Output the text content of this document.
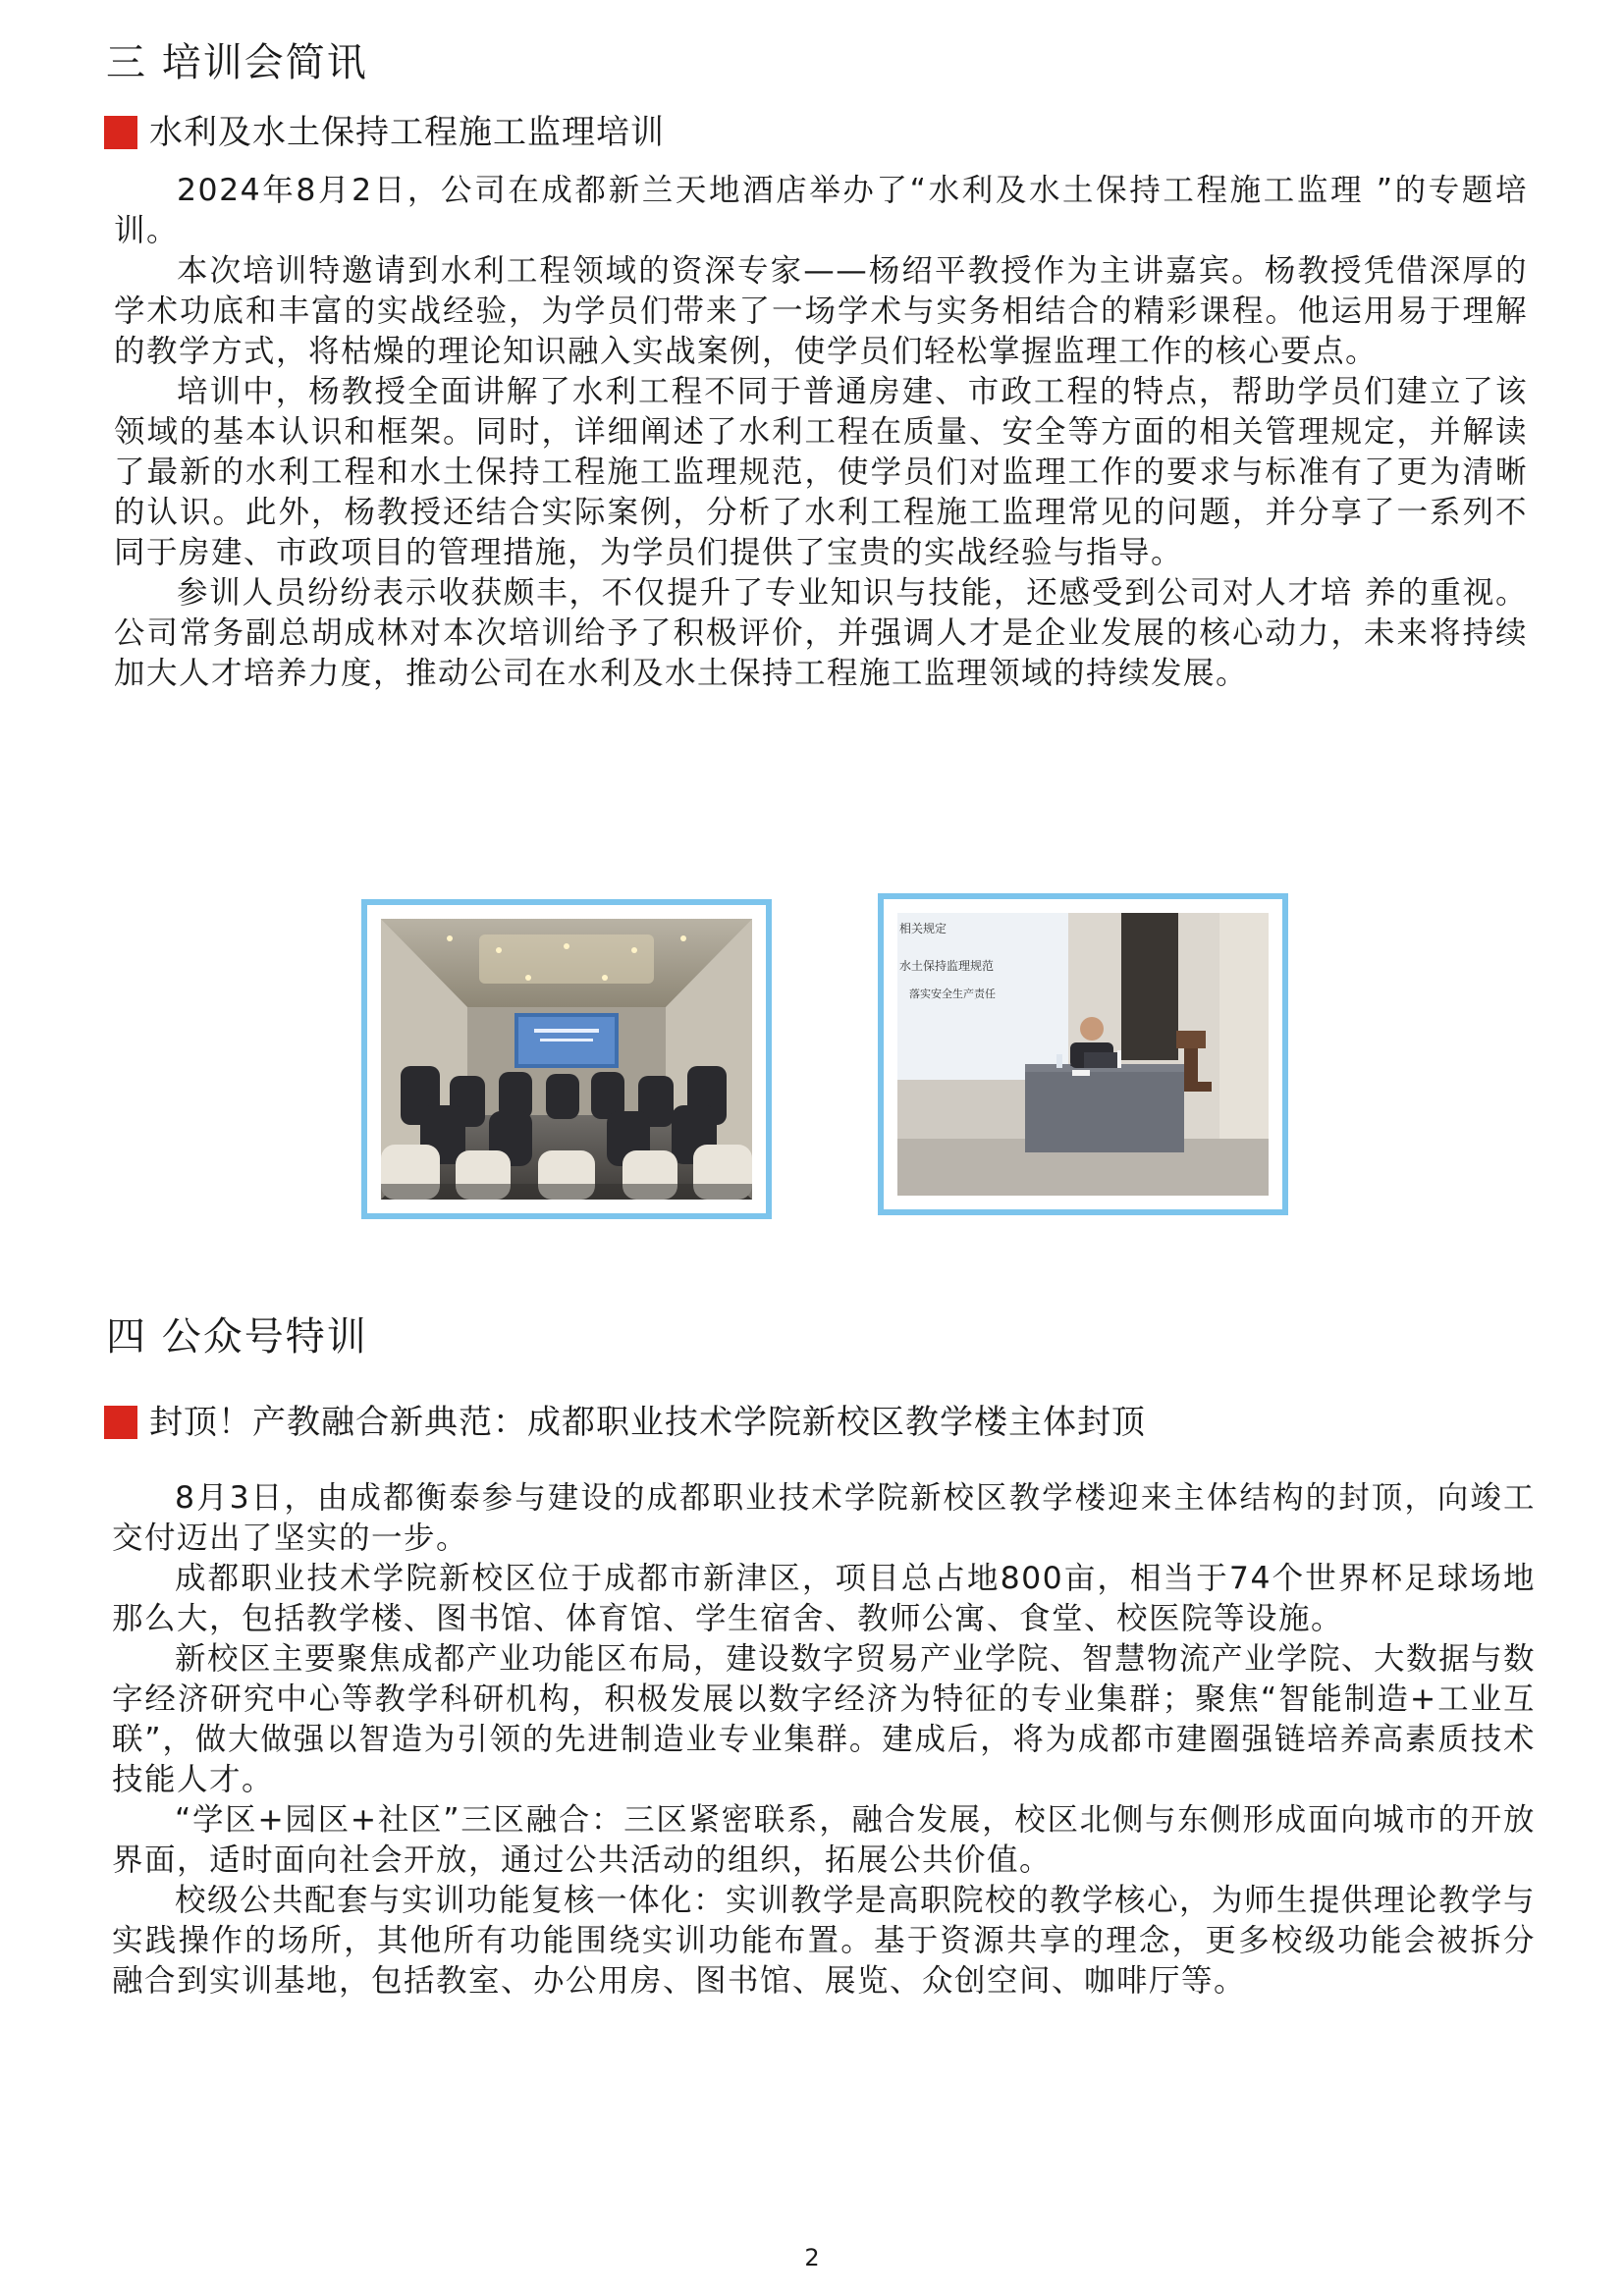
三 培训会简讯
水利及水土保持工程施工监理培训

2024年8月2日，公司在成都新兰天地酒店举办了“水利及水土保持工程施工监理 ”的专题培训。

本次培训特邀请到水利工程领域的资深专家——杨绍平教授作为主讲嘉宾。杨教授凭借深厚的学术功底和丰富的实战经验，为学员们带来了一场学术与实务相结合的精彩课程。他运用易于理解的教学方式，将枯燥的理论知识融入实战案例，使学员们轻松掌握监理工作的核心要点。

培训中，杨教授全面讲解了水利工程不同于普通房建、市政工程的特点，帮助学员们建立了该领域的基本认识和框架。同时，详细阐述了水利工程在质量、安全等方面的相关管理规定，并解读了最新的水利工程和水土保持工程施工监理规范，使学员们对监理工作的要求与标准有了更为清晰的认识。此外，杨教授还结合实际案例，分析了水利工程施工监理常见的问题，并分享了一系列不同于房建、市政项目的管理措施，为学员们提供了宝贵的实战经验与指导。

参训人员纷纷表示收获颇丰，不仅提升了专业知识与技能，还感受到公司对人才培 养的重视。公司常务副总胡成林对本次培训给予了积极评价，并强调人才是企业发展的核心动力，未来将持续加大人才培养力度，推动公司在水利及水土保持工程施工监理领域的持续发展。

相关规定
水土保持监理规范
落实安全生产责任
四 公众号特训
封顶！产教融合新典范：成都职业技术学院新校区教学楼主体封顶

8月3日，由成都衡泰参与建设的成都职业技术学院新校区教学楼迎来主体结构的封顶，向竣工交付迈出了坚实的一步。

成都职业技术学院新校区位于成都市新津区，项目总占地800亩，相当于74个世界杯足球场地那么大，包括教学楼、图书馆、体育馆、学生宿舍、教师公寓、食堂、校医院等设施。

新校区主要聚焦成都产业功能区布局，建设数字贸易产业学院、智慧物流产业学院、大数据与数字经济研究中心等教学科研机构，积极发展以数字经济为特征的专业集群；聚焦“智能制造+工业互联”，做大做强以智造为引领的先进制造业专业集群。建成后，将为成都市建圈强链培养高素质技术技能人才。

“学区+园区+社区”三区融合：三区紧密联系，融合发展，校区北侧与东侧形成面向城市的开放界面，适时面向社会开放，通过公共活动的组织，拓展公共价值。

校级公共配套与实训功能复核一体化：实训教学是高职院校的教学核心，为师生提供理论教学与实践操作的场所，其他所有功能围绕实训功能布置。基于资源共享的理念，更多校级功能会被拆分融合到实训基地，包括教室、办公用房、图书馆、展览、众创空间、咖啡厅等。

2
